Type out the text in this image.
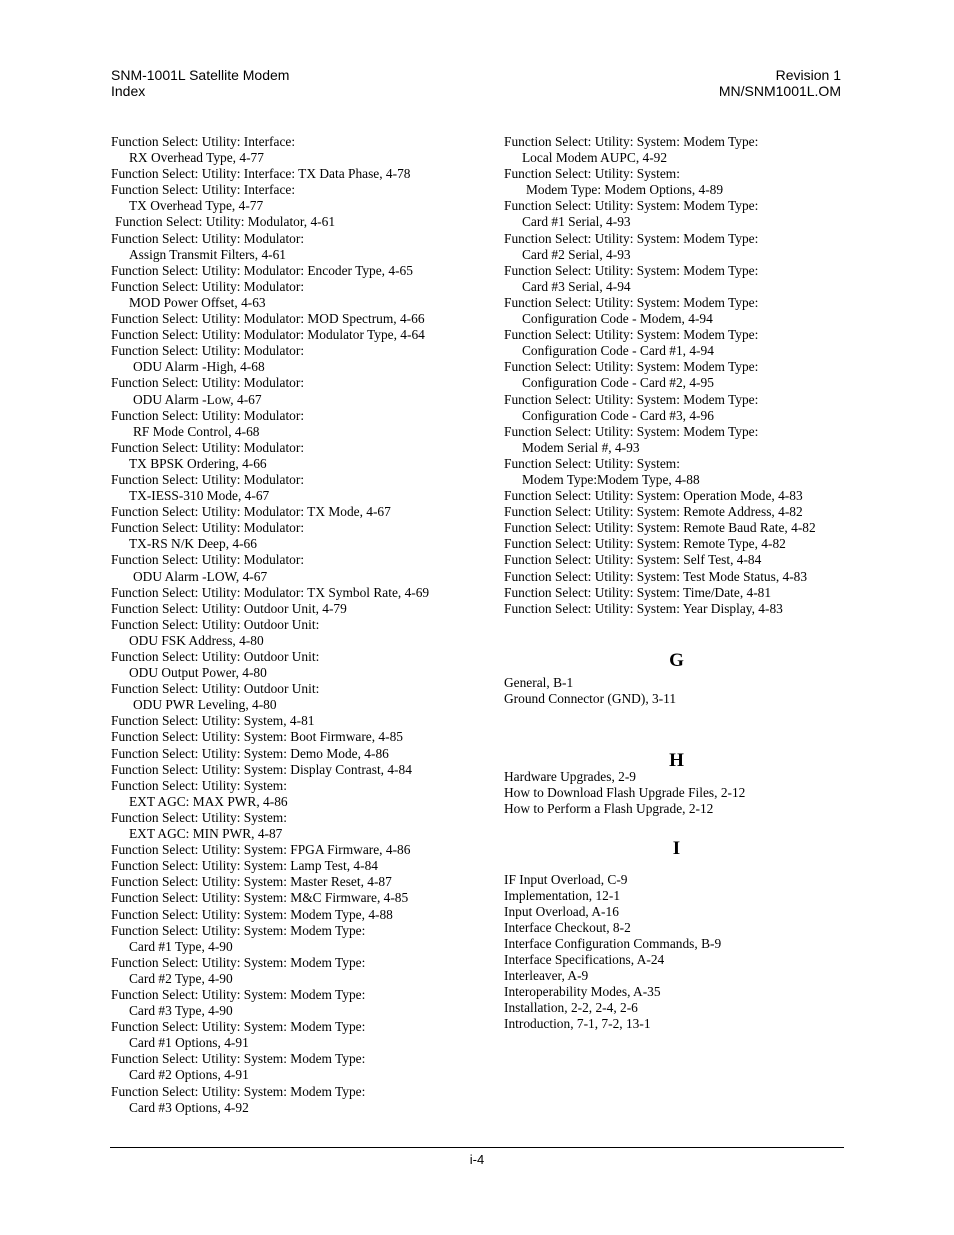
SNM-1001L Satellite Modem
Index
Revision 1
MN/SNM1001L.OM
Function Select: Utility: Interface:
RX Overhead Type, 4-77
Function Select: Utility: Interface: TX Data Phase, 4-78
Function Select: Utility: Interface:
TX Overhead Type, 4-77
Function Select: Utility: Modulator, 4-61
Function Select: Utility: Modulator:
Assign Transmit Filters, 4-61
Function Select: Utility: Modulator: Encoder Type, 4-65
Function Select: Utility: Modulator:
MOD Power Offset, 4-63
Function Select: Utility: Modulator: MOD Spectrum, 4-66
Function Select: Utility: Modulator: Modulator Type, 4-64
Function Select: Utility: Modulator:
ODU Alarm -High, 4-68
Function Select: Utility: Modulator:
ODU Alarm -Low, 4-67
Function Select: Utility: Modulator:
RF Mode Control, 4-68
Function Select: Utility: Modulator:
TX BPSK Ordering, 4-66
Function Select: Utility: Modulator:
TX-IESS-310 Mode, 4-67
Function Select: Utility: Modulator: TX Mode, 4-67
Function Select: Utility: Modulator:
TX-RS N/K Deep, 4-66
Function Select: Utility: Modulator:
ODU Alarm -LOW, 4-67
Function Select: Utility: Modulator: TX Symbol Rate, 4-69
Function Select: Utility: Outdoor Unit, 4-79
Function Select: Utility: Outdoor Unit:
ODU FSK Address, 4-80
Function Select: Utility: Outdoor Unit:
ODU Output Power, 4-80
Function Select: Utility: Outdoor Unit:
ODU PWR Leveling, 4-80
Function Select: Utility: System, 4-81
Function Select: Utility: System: Boot Firmware, 4-85
Function Select: Utility: System: Demo Mode, 4-86
Function Select: Utility: System: Display Contrast, 4-84
Function Select: Utility: System:
EXT AGC: MAX PWR, 4-86
Function Select: Utility: System:
EXT AGC: MIN PWR, 4-87
Function Select: Utility: System: FPGA Firmware, 4-86
Function Select: Utility: System: Lamp Test, 4-84
Function Select: Utility: System: Master Reset, 4-87
Function Select: Utility: System: M&C Firmware, 4-85
Function Select: Utility: System: Modem Type, 4-88
Function Select: Utility: System: Modem Type:
Card #1 Type, 4-90
Function Select: Utility: System: Modem Type:
Card #2 Type, 4-90
Function Select: Utility: System: Modem Type:
Card #3 Type, 4-90
Function Select: Utility: System: Modem Type:
Card #1 Options, 4-91
Function Select: Utility: System: Modem Type:
Card #2 Options, 4-91
Function Select: Utility: System: Modem Type:
Card #3 Options, 4-92
Function Select: Utility: System: Modem Type:
Local Modem AUPC, 4-92
Function Select: Utility: System:
Modem Type: Modem Options, 4-89
Function Select: Utility: System: Modem Type:
Card #1 Serial, 4-93
Function Select: Utility: System: Modem Type:
Card #2 Serial, 4-93
Function Select: Utility: System: Modem Type:
Card #3 Serial, 4-94
Function Select: Utility: System: Modem Type:
Configuration Code - Modem, 4-94
Function Select: Utility: System: Modem Type:
Configuration Code - Card #1, 4-94
Function Select: Utility: System: Modem Type:
Configuration Code - Card #2, 4-95
Function Select: Utility: System: Modem Type:
Configuration Code - Card #3, 4-96
Function Select: Utility: System: Modem Type:
Modem Serial #, 4-93
Function Select: Utility: System:
Modem Type:Modem Type, 4-88
Function Select: Utility: System: Operation Mode, 4-83
Function Select: Utility: System: Remote Address, 4-82
Function Select: Utility: System: Remote Baud Rate, 4-82
Function Select: Utility: System: Remote Type, 4-82
Function Select: Utility: System: Self Test, 4-84
Function Select: Utility: System: Test Mode Status, 4-83
Function Select: Utility: System: Time/Date, 4-81
Function Select: Utility: System: Year Display, 4-83
G
General, B-1
Ground Connector (GND), 3-11
H
Hardware Upgrades, 2-9
How to Download Flash Upgrade Files, 2-12
How to Perform a Flash Upgrade, 2-12
I
IF Input Overload, C-9
Implementation, 12-1
Input Overload, A-16
Interface Checkout, 8-2
Interface Configuration Commands, B-9
Interface Specifications, A-24
Interleaver, A-9
Interoperability Modes, A-35
Installation, 2-2, 2-4, 2-6
Introduction, 7-1, 7-2, 13-1
i-4
